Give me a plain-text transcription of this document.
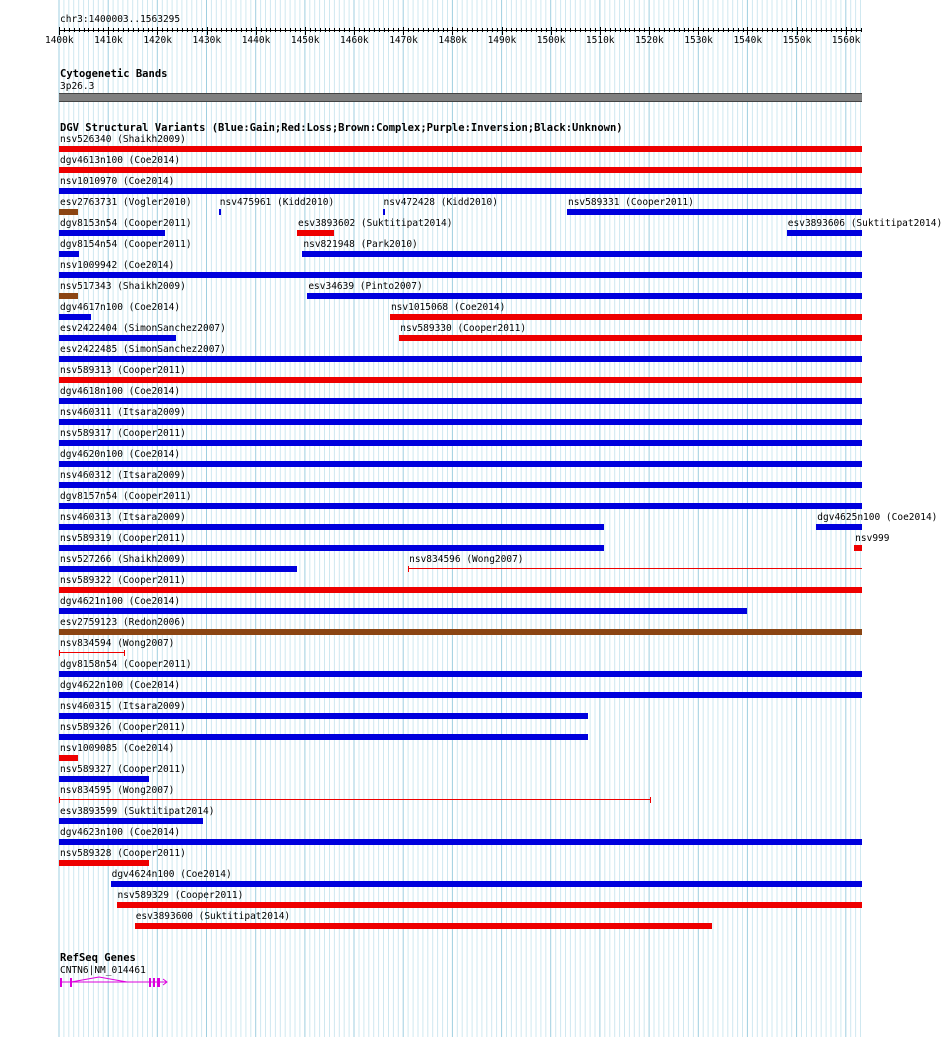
chr3:1400003..1563295
1400k 1410k 1420k 1430k 1440k 1450k 1460k 1470k 1480k 1490k 1500k 1510k 1520k 1530k 1540k 1550k 1560k
Cytogenetic Bands
3p26.3
DGV Structural Variants (Blue:Gain;Red:Loss;Brown:Complex;Purple:Inversion;Black:Unknown)
nsv526340 (Shaikh2009)
dgv4613n100 (Coe2014)
nsv1010970 (Coe2014)
esv2763731 (Vogler2010)	nsv475961 (Kidd2010)	nsv472428 (Kidd2010)	nsv589331 (Cooper2011)
dgv8153n54 (Cooper2011)	esv3893602 (Suktitipat2014)	esv3893606 (Suktitipat2014)
dgv8154n54 (Cooper2011)	nsv821948 (Park2010)
nsv1009942 (Coe2014)
nsv517343 (Shaikh2009)	esv34639 (Pinto2007)
dgv4617n100 (Coe2014)	nsv1015068 (Coe2014)
esv2422404 (SimonSanchez2007)	nsv589330 (Cooper2011)
esv2422485 (SimonSanchez2007)
nsv589313 (Cooper2011)
dgv4618n100 (Coe2014)
nsv460311 (Itsara2009)
nsv589317 (Cooper2011)
dgv4620n100 (Coe2014)
nsv460312 (Itsara2009)
dgv8157n54 (Cooper2011)
nsv460313 (Itsara2009)	dgv4625n100 (Coe2014)
nsv589319 (Cooper2011)	nsv999
nsv527266 (Shaikh2009)	nsv834596 (Wong2007)
nsv589322 (Cooper2011)
dgv4621n100 (Coe2014)
esv2759123 (Redon2006)
nsv834594 (Wong2007)
dgv8158n54 (Cooper2011)
dgv4622n100 (Coe2014)
nsv460315 (Itsara2009)
nsv589326 (Cooper2011)
nsv1009085 (Coe2014)
nsv589327 (Cooper2011)
nsv834595 (Wong2007)
esv3893599 (Suktitipat2014)
dgv4623n100 (Coe2014)
nsv589328 (Cooper2011)
dgv4624n100 (Coe2014)
nsv589329 (Cooper2011)
esv3893600 (Suktitipat2014)
RefSeq Genes
CNTN6|NM_014461
